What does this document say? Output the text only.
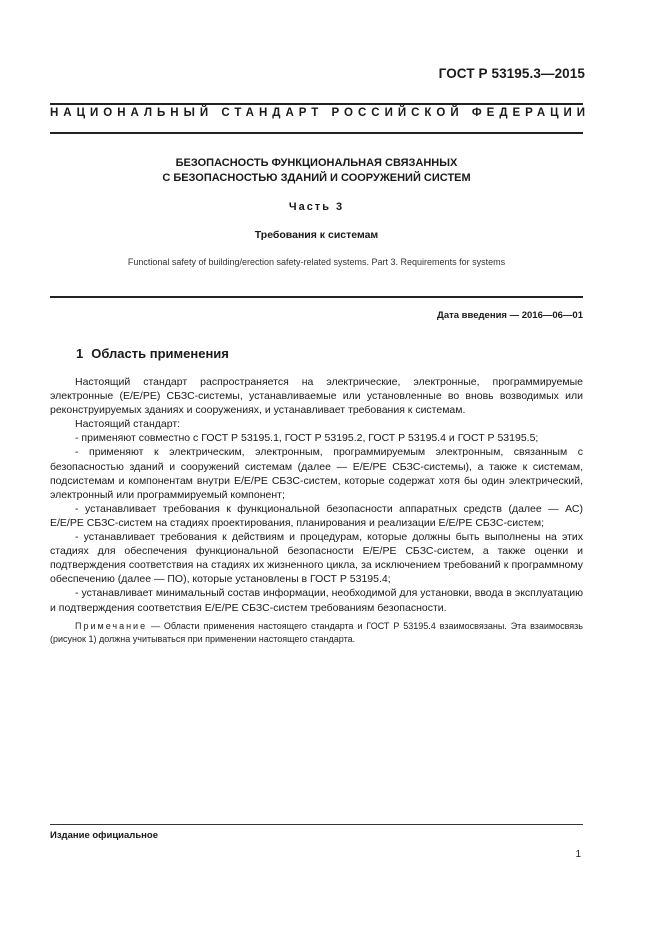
ГОСТ Р 53195.3—2015
НАЦИОНАЛЬНЫЙ СТАНДАРТ РОССИЙСКОЙ ФЕДЕРАЦИИ
БЕЗОПАСНОСТЬ ФУНКЦИОНАЛЬНАЯ СВЯЗАННЫХ
С БЕЗОПАСНОСТЬЮ ЗДАНИЙ И СООРУЖЕНИЙ СИСТЕМ
Часть 3
Требования к системам
Functional safety of building/erection safety-related systems. Part 3. Requirements for systems
Дата введения — 2016—06—01
1 Область применения

Настоящий стандарт распространяется на электрические, электронные, программируемые электронные (E/E/PE) СБЗС-системы, устанавливаемые или установленные во вновь возводимых или реконструируемых зданиях и сооружениях, и устанавливает требования к системам.

Настоящий стандарт:

- применяют совместно с ГОСТ Р 53195.1, ГОСТ Р 53195.2, ГОСТ Р 53195.4 и ГОСТ Р 53195.5;

- применяют к электрическим, электронным, программируемым электронным, связанным с безопасностью зданий и сооружений системам (далее — E/E/PE СБЗС-системы), а также к системам, подсистемам и компонентам внутри E/E/PE СБЗС-систем, которые содержат хотя бы один электрический, электронный или программируемый компонент;

- устанавливает требования к функциональной безопасности аппаратных средств (далее — АС) E/E/PE СБЗС-систем на стадиях проектирования, планирования и реализации E/E/PE СБЗС-систем;

- устанавливает требования к действиям и процедурам, которые должны быть выполнены на этих стадиях для обеспечения функциональной безопасности E/E/PE СБЗС-систем, а также оценки и подтверждения соответствия на стадиях их жизненного цикла, за исключением требований к программному обеспечению (далее — ПО), которые установлены в ГОСТ Р 53195.4;

- устанавливает минимальный состав информации, необходимой для установки, ввода в эксплуатацию и подтверждения соответствия E/E/PE СБЗС-систем требованиям безопасности.

Примечание — Области применения настоящего стандарта и ГОСТ Р 53195.4 взаимосвязаны. Эта взаимосвязь (рисунок 1) должна учитываться при применении настоящего стандарта.

Издание официальное
1
